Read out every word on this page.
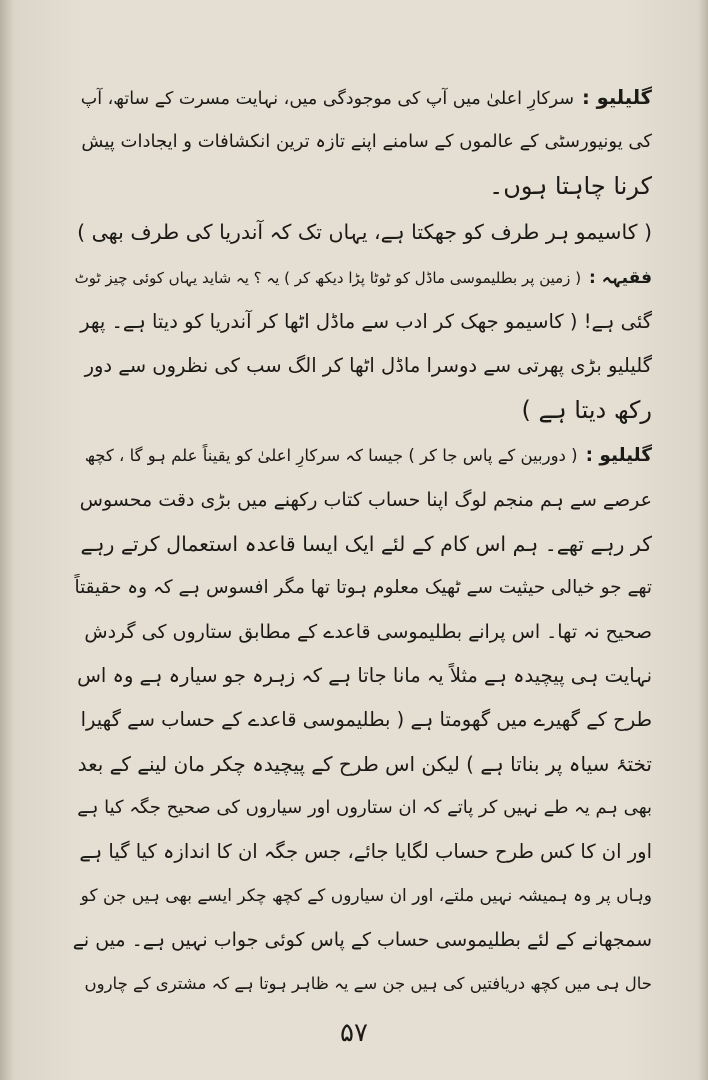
گلیلیو :سرکارِ اعلیٰ میں آپ کی موجودگی میں، نہایت مسرت کے ساتھ، آپ
کی یونیورسٹی کے عالموں کے سامنے اپنے تازہ ترین انکشافات و ایجادات پیش
کرنا چاہتا ہوں۔
( کاسیمو ہر طرف کو جھکتا ہے، یہاں تک کہ آندریا کی طرف بھی )
فقیہہ :( زمین پر بطلیموسی ماڈل کو ٹوٹا پڑا دیکھ کر ) یہ ؟ یہ شاید یہاں کوئی چیز ٹوٹ
گئی ہے! ( کاسیمو جھک کر ادب سے ماڈل اٹھا کر آندریا کو دیتا ہے۔ پھر
گلیلیو بڑی پھرتی سے دوسرا ماڈل اٹھا کر الگ سب کی نظروں سے دور
رکھ دیتا ہے )
گلیلیو :( دوربین کے پاس جا کر ) جیسا کہ سرکارِ اعلیٰ کو یقیناً علم ہو گا ، کچھ
عرصے سے ہم منجم لوگ اپنا حساب کتاب رکھنے میں بڑی دقت محسوس
کر رہے تھے۔ ہم اس کام کے لئے ایک ایسا قاعدہ استعمال کرتے رہے
تھے جو خیالی حیثیت سے ٹھیک معلوم ہوتا تھا مگر افسوس ہے کہ وہ حقیقتاً
صحیح نہ تھا۔ اس پرانے بطلیموسی قاعدے کے مطابق ستاروں کی گردش
نہایت ہی پیچیدہ ہے مثلاً یہ مانا جاتا ہے کہ زہرہ جو سیارہ ہے وہ اس
طرح کے گھیرے میں گھومتا ہے ( بطلیموسی قاعدے کے حساب سے گھیرا
تختۂ سیاہ پر بناتا ہے ) لیکن اس طرح کے پیچیدہ چکر مان لینے کے بعد
بھی ہم یہ طے نہیں کر پاتے کہ ان ستاروں اور سیاروں کی صحیح جگہ کیا ہے
اور ان کا کس طرح حساب لگایا جائے، جس جگہ ان کا اندازہ کیا گیا ہے
وہاں پر وہ ہمیشہ نہیں ملتے، اور ان سیاروں کے کچھ چکر ایسے بھی ہیں جن کو
سمجھانے کے لئے بطلیموسی حساب کے پاس کوئی جواب نہیں ہے۔ میں نے
حال ہی میں کچھ دریافتیں کی ہیں جن سے یہ ظاہر ہوتا ہے کہ مشتری کے چاروں
۵۷
